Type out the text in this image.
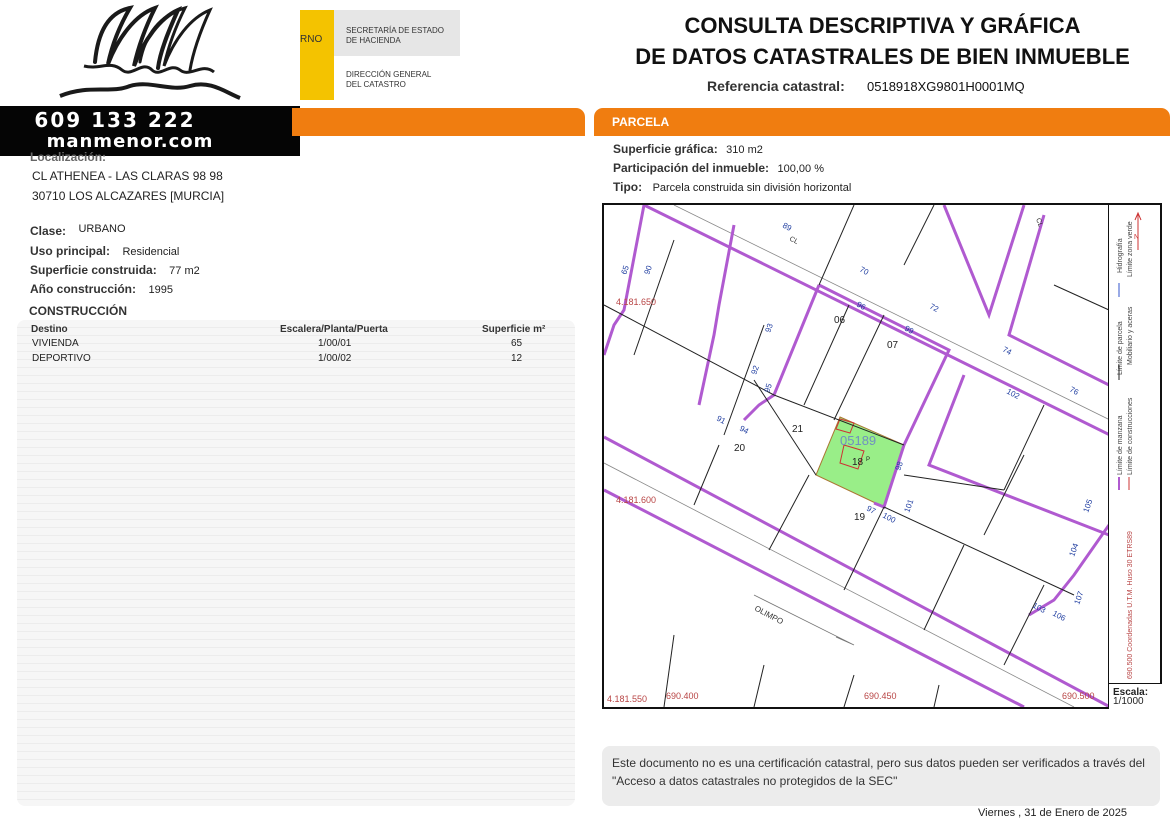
609 133 222
manmenor.com
RNO
SECRETARÍA DE ESTADO
DE HACIENDA
DIRECCIÓN GENERAL
DEL CATASTRO
CONSULTA DESCRIPTIVA Y GRÁFICA
DE DATOS CATASTRALES DE BIEN INMUEBLE
Referencia catastral: 0518918XG9801H0001MQ
PARCELA
Localización:
CL ATHENEA - LAS CLARAS 98 98
30710 LOS ALCAZARES [MURCIA]
Clase: URBANO
Uso principal: Residencial
Superficie construida: 77 m2
Año construcción: 1995
CONSTRUCCIÓN
Destino	Escalera/Planta/Puerta	Superficie m²
VIVIENDA	1/00/01	65
DEPORTIVO	1/00/02	12
Superficie gráfica: 310 m2
Participación del inmueble: 100,00 %
Tipo: Parcela construida sin división horizontal
OLIMPO
CL
CL
05189
06
07
21
20
19
18 P
89
70
72
74
76
96
99
93
92
95
94
91
98
97
100
101
102
105
104
107
103
106
65 90
4.181.650
4.181.600
4.181.550 690.400	690.450	690.500
N
Límite de parcela
Límite de construcciones
Límite de manzana
Mobiliario y aceras
Hidrografía Límite zona verde
690.500 Coordenadas U.T.M. Huso 30 ETRS89
Escala:
1/1000
Este documento no es una certificación catastral, pero sus datos pueden ser verificados a través del "Acceso a datos catastrales no protegidos de la SEC"
Viernes , 31 de Enero de 2025
